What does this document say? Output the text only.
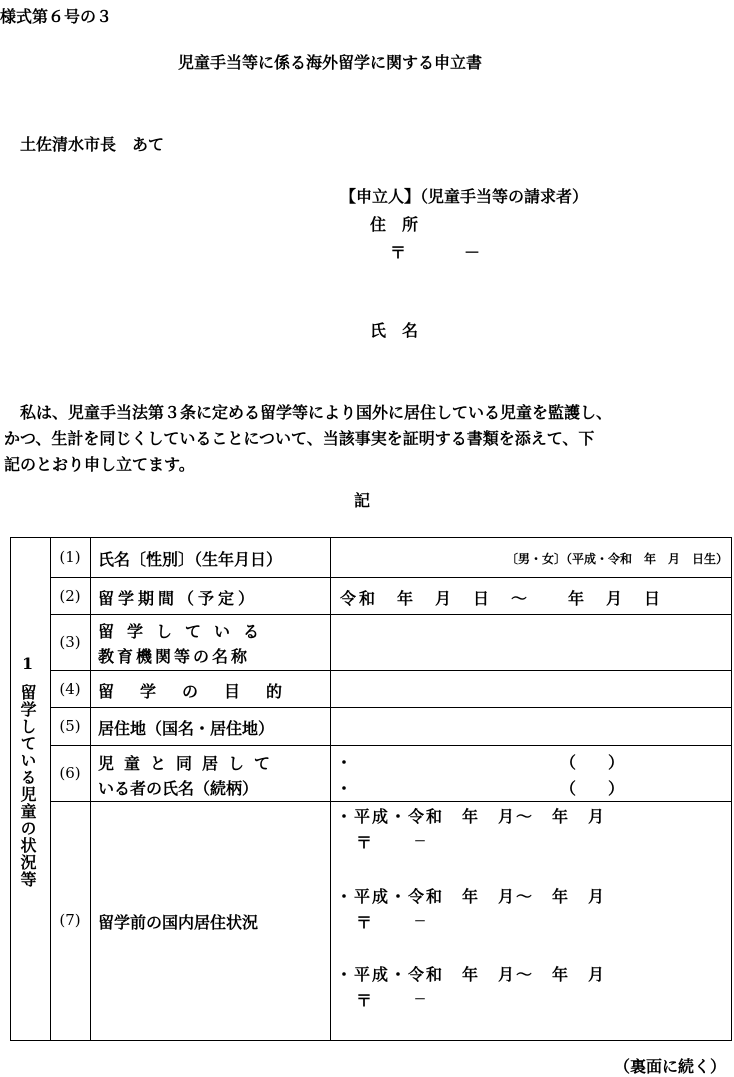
様式第６号の３
児童手当等に係る海外留学に関する申立書
土佐清水市長　あて
【申立人】（児童手当等の請求者）
住　所
〒	－
氏　名
私は、児童手当法第３条に定める留学等により国外に居住している児童を監護し、
かつ、生計を同じくしていることについて、当該事実を証明する書類を添えて、下
記のとおり申し立てます。
記
1
留学している児童の状況等
(1)	氏名〔性別〕（生年月日）	〔男・女〕（平成・令和　年　月　日生）
(2)	留学期間（予定）	令和　年　月　日　～　　年　月　日
(3)
留学している
教育機関等の名称
(4)	留学の目的
(5)	居住地（国名・居住地）
(6)	児童と同居して
いる者の氏名（続柄）
・	（　　）
・	（　　）
(7)	留学前の国内居住状況
・平成・令和　年　月～　年　月
〒	－
・平成・令和　年　月～　年　月
〒	－
・平成・令和　年　月～　年　月
〒	－
（裏面に続く）
